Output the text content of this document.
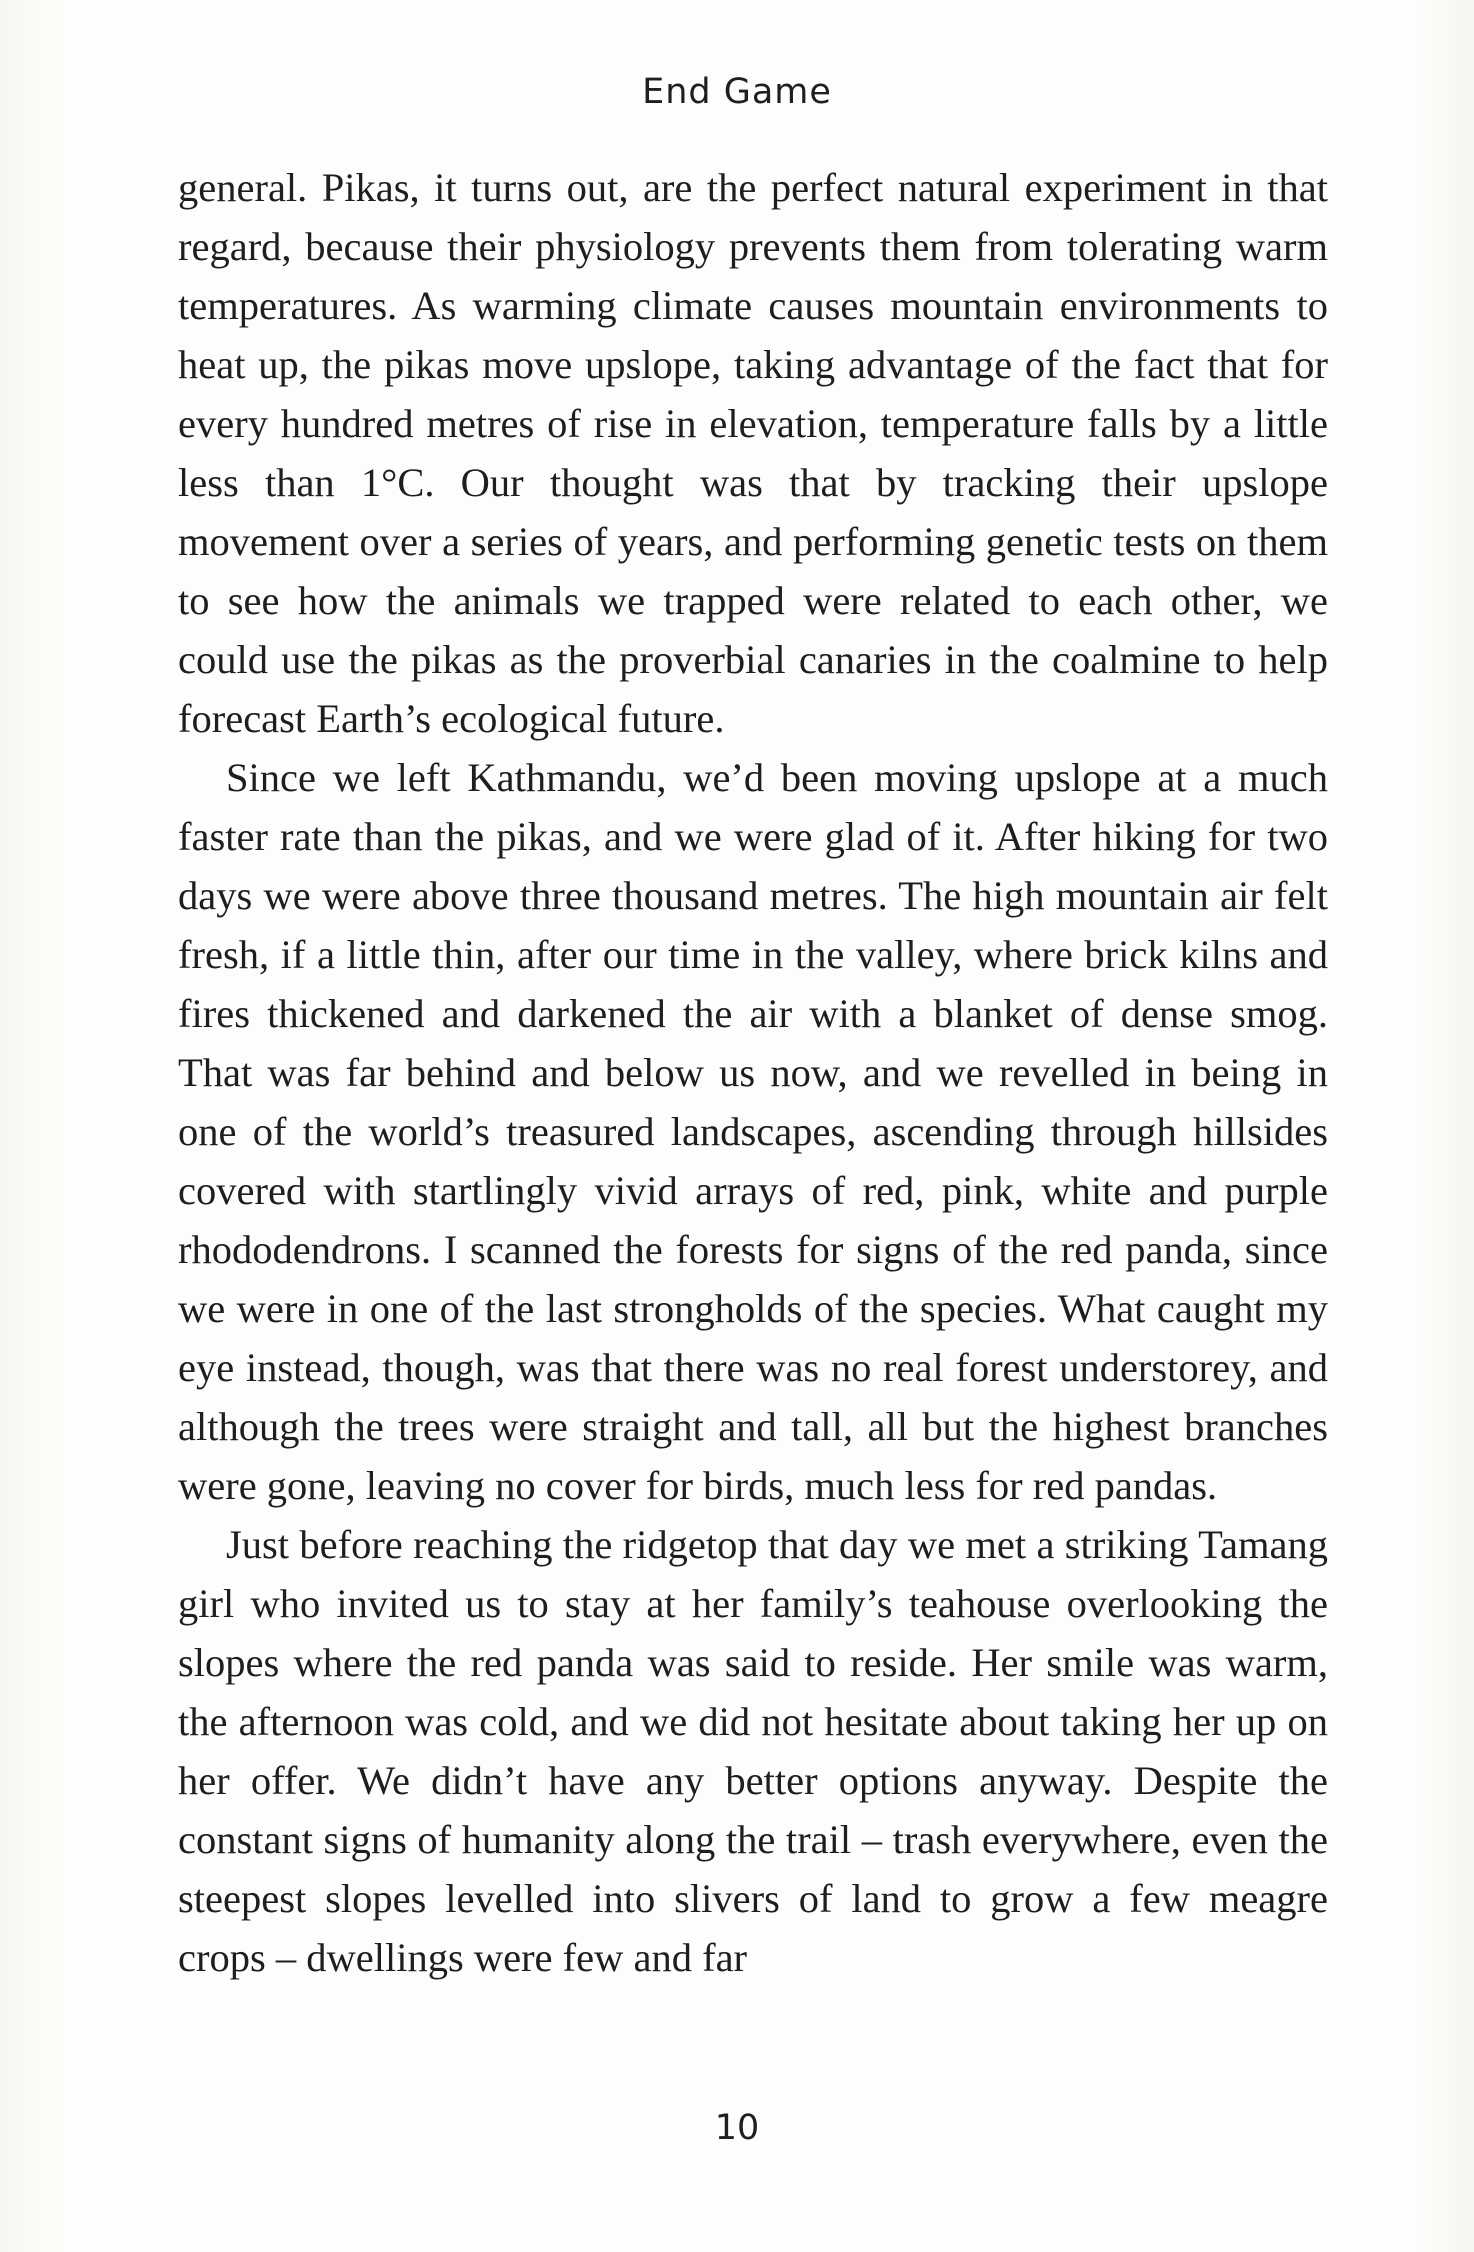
End Game

general. Pikas, it turns out, are the perfect natural experiment in that regard, because their physiology prevents them from tolerating warm temperatures. As warming climate causes mountain environments to heat up, the pikas move upslope, taking advantage of the fact that for every hundred metres of rise in elevation, temperature falls by a little less than 1°C. Our thought was that by tracking their upslope movement over a series of years, and performing genetic tests on them to see how the animals we trapped were related to each other, we could use the pikas as the proverbial canaries in the coalmine to help forecast Earth’s ecological future.

Since we left Kathmandu, we’d been moving upslope at a much faster rate than the pikas, and we were glad of it. After hiking for two days we were above three thousand metres. The high mountain air felt fresh, if a little thin, after our time in the valley, where brick kilns and fires thickened and darkened the air with a blanket of dense smog. That was far behind and below us now, and we revelled in being in one of the world’s treasured landscapes, ascending through hillsides covered with startlingly vivid arrays of red, pink, white and purple rhododendrons. I scanned the forests for signs of the red panda, since we were in one of the last strongholds of the species. What caught my eye instead, though, was that there was no real forest understorey, and although the trees were straight and tall, all but the highest branches were gone, leaving no cover for birds, much less for red pandas.

Just before reaching the ridgetop that day we met a striking Tamang girl who invited us to stay at her family’s teahouse overlooking the slopes where the red panda was said to reside. Her smile was warm, the afternoon was cold, and we did not hesitate about taking her up on her offer. We didn’t have any better options anyway. Despite the constant signs of humanity along the trail – trash everywhere, even the steepest slopes levelled into slivers of land to grow a few meagre crops – dwellings were few and far

10
